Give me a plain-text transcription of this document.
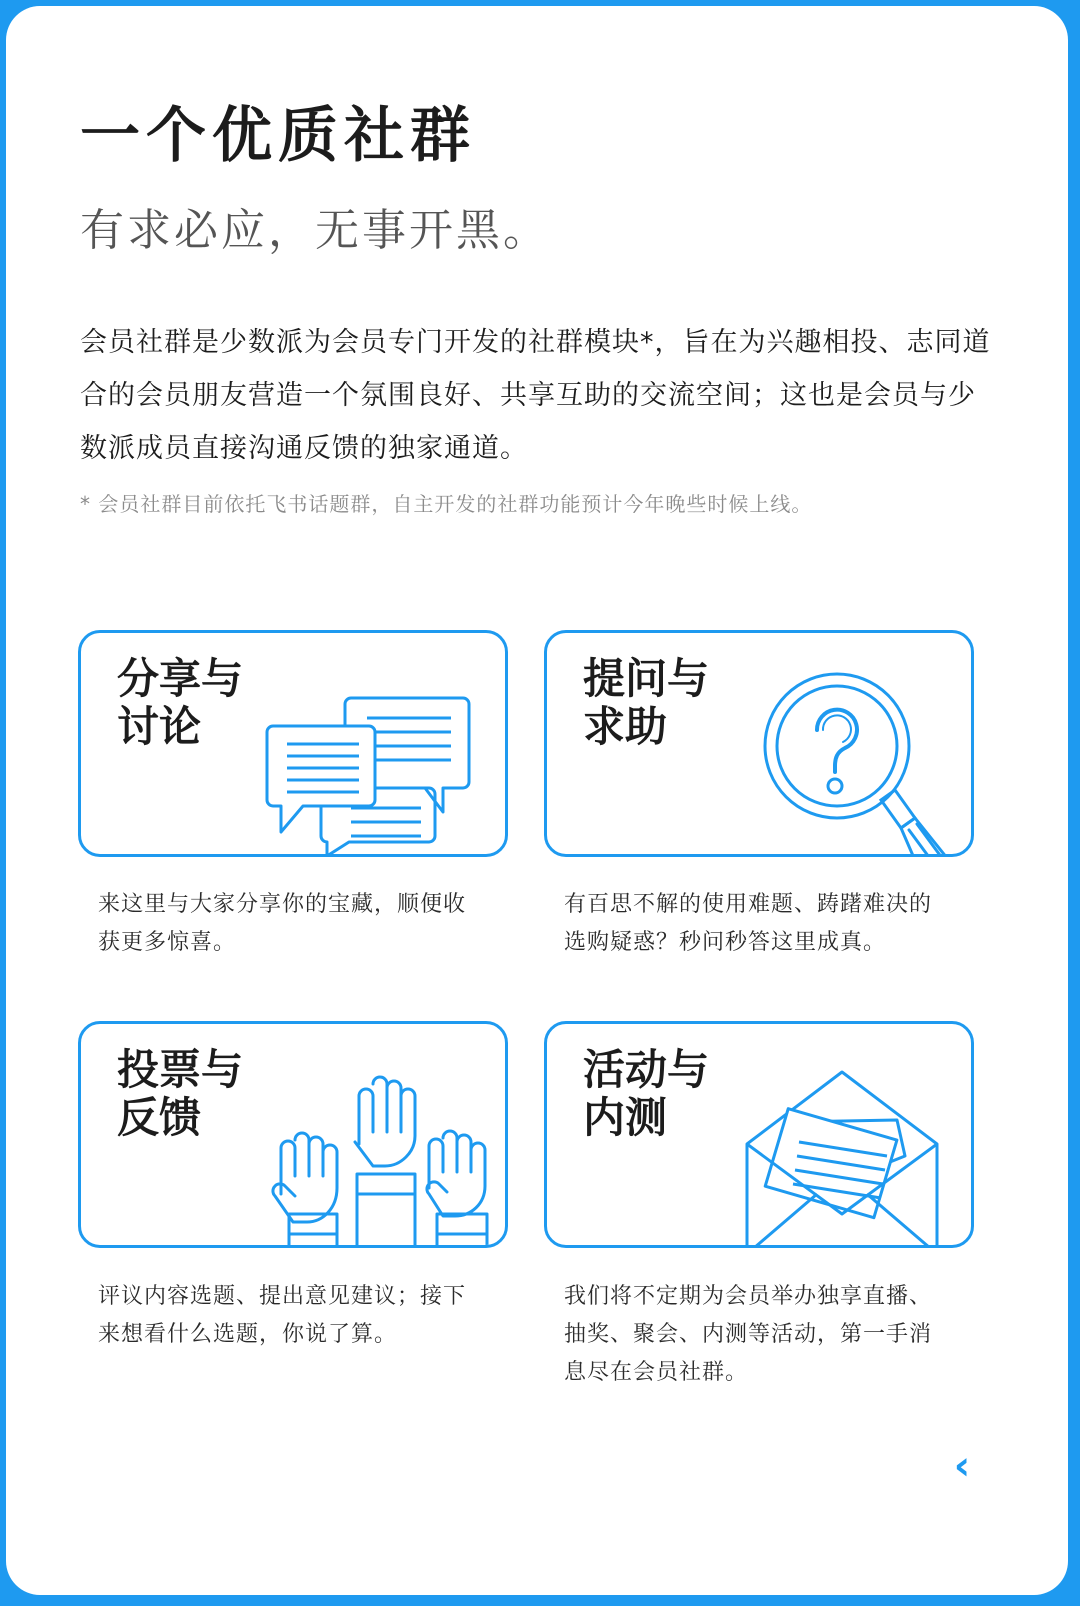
一个优质社群
有求必应，无事开黑。
会员社群是少数派为会员专门开发的社群模块*，旨在为兴趣相投、志同道合的会员朋友营造一个氛围良好、共享互助的交流空间；这也是会员与少数派成员直接沟通反馈的独家通道。
* 会员社群目前依托飞书话题群，自主开发的社群功能预计今年晚些时候上线。
分享与讨论
来这里与大家分享你的宝藏，顺便收获更多惊喜。
提问与求助
有百思不解的使用难题、踌躇难决的选购疑惑？秒问秒答这里成真。
投票与反馈
评议内容选题、提出意见建议；接下来想看什么选题，你说了算。
活动与内测
我们将不定期为会员举办独享直播、抽奖、聚会、内测等活动，第一手消息尽在会员社群。
‹
